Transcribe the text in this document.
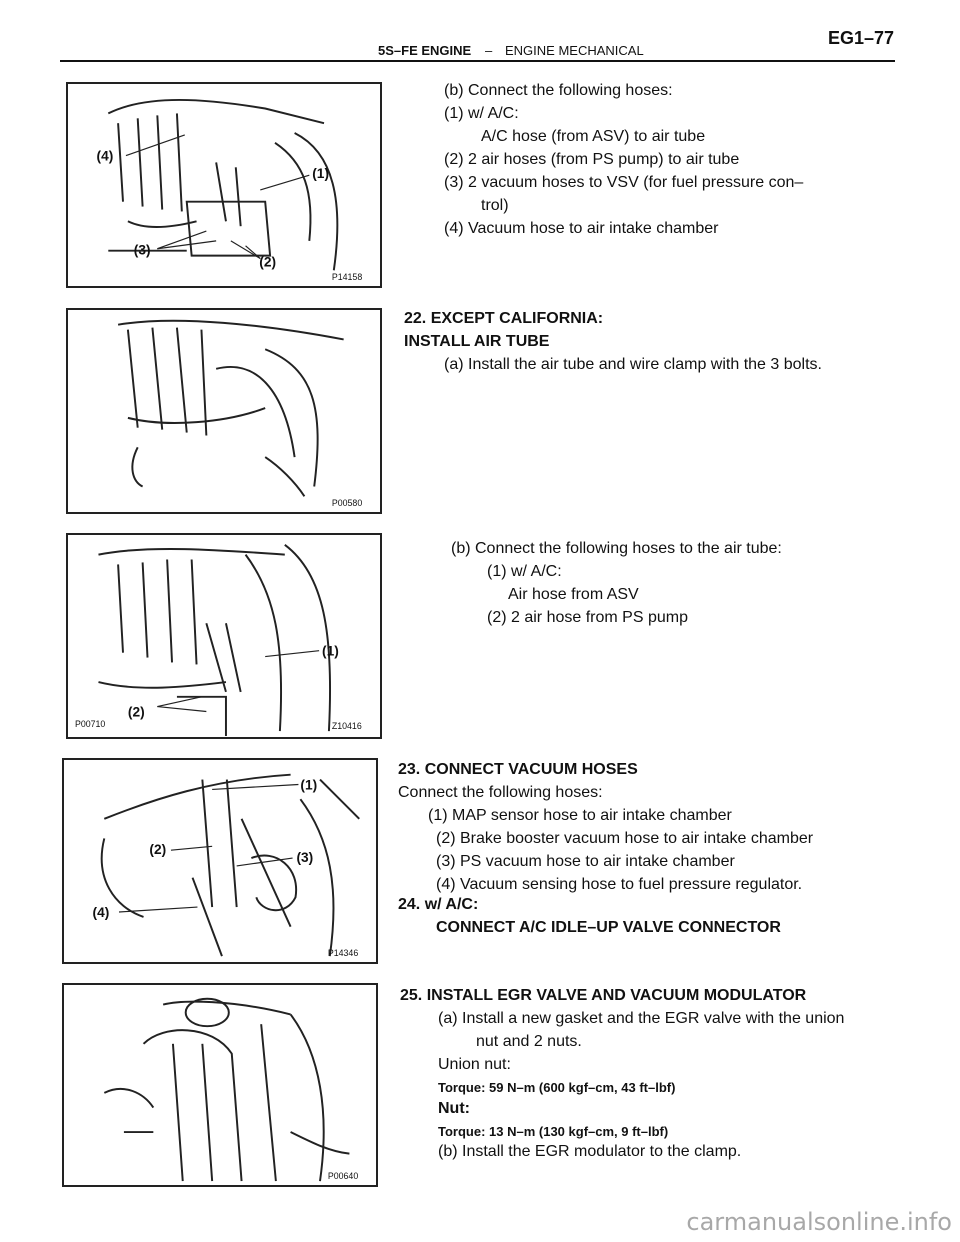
5S–FE ENGINE – ENGINE MECHANICAL
EG1–77
(4)
(1)
(3)
(2)
P14158
P00580
(1)
(2)
P00710	Z10416
(1)
(2)
(3)
(4)
P14346
P00640
(b) Connect the following hoses:
(1) w/ A/C:
A/C hose (from ASV) to air tube
(2) 2 air hoses (from PS pump) to air tube
(3) 2 vacuum hoses to VSV (for fuel pressure con–
trol)
(4) Vacuum hose to air intake chamber
22. EXCEPT CALIFORNIA:
INSTALL AIR TUBE
(a) Install the air tube and wire clamp with the 3 bolts.
(b) Connect the following hoses to the air tube:
(1) w/ A/C:
Air hose from ASV
(2) 2 air hose from PS pump
23. CONNECT VACUUM HOSES
Connect the following hoses:
(1) MAP sensor hose to air intake chamber
(2) Brake booster vacuum hose to air intake chamber
(3) PS vacuum hose to air intake chamber
(4) Vacuum sensing hose to fuel pressure regulator.
24. w/ A/C:
CONNECT A/C IDLE–UP VALVE CONNECTOR
25. INSTALL EGR VALVE AND VACUUM MODULATOR
(a) Install a new gasket and the EGR valve with the union
nut and 2 nuts.
Union nut:
Torque: 59 N–m (600 kgf–cm, 43 ft–lbf)
Nut:
Torque: 13 N–m (130 kgf–cm, 9 ft–lbf)
(b) Install the EGR modulator to the clamp.
carmanualsonline.info
